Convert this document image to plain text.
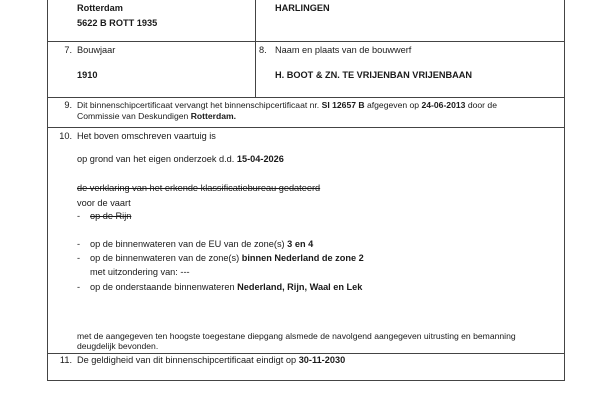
Rotterdam
5622 B ROTT 1935
HARLINGEN
7. Bouwjaar
1910
8. Naam en plaats van de bouwwerf
H. BOOT & ZN. TE VRIJENBAN VRIJENBAAN
9. Dit binnenschipcertificaat vervangt het binnenschipcertificaat nr. SI 12657 B afgegeven op 24-06-2013 door de
Commissie van Deskundigen Rotterdam.
10. Het boven omschreven vaartuig is
op grond van het eigen onderzoek d.d. 15-04-2026
de verklaring van het erkende klassificatiebureau gedateerd
voor de vaart
- op de Rijn
- op de binnenwateren van de EU van de zone(s) 3 en 4
- op de binnenwateren van de zone(s) binnen Nederland de zone 2
met uitzondering van: ---
- op de onderstaande binnenwateren Nederland, Rijn, Waal en Lek
met de aangegeven ten hoogste toegestane diepgang alsmede de navolgend aangegeven uitrusting en bemanning
deugdelijk bevonden.
11. De geldigheid van dit binnenschipcertificaat eindigt op 30-11-2030
